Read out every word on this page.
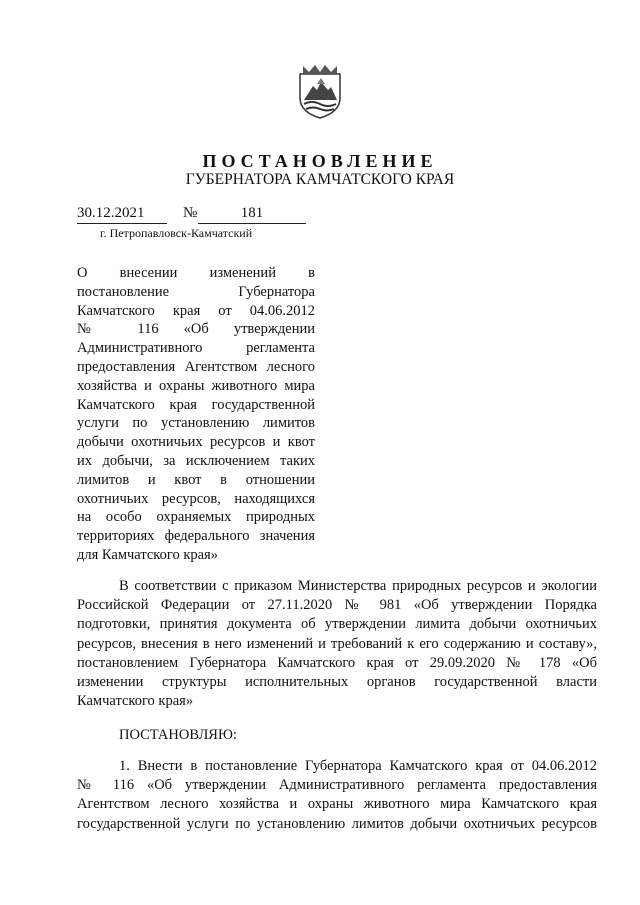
ПОСТАНОВЛЕНИЕ
ГУБЕРНАТОРА КАМЧАТСКОГО КРАЯ
30.12.2021	№	181
г. Петропавловск-Камчатский
О внесении изменений в
постановление Губернатора
Камчатского края от 04.06.2012
№ 116 «Об утверждении
Административного регламента
предоставления Агентством лесного
хозяйства и охраны животного мира
Камчатского края государственной
услуги по установлению лимитов
добычи охотничьих ресурсов и квот
их добычи, за исключением таких
лимитов и квот в отношении
охотничьих ресурсов, находящихся
на особо охраняемых природных
территориях федерального значения
для Камчатского края»
В соответствии с приказом Министерства природных ресурсов и экологии
Российской Федерации от 27.11.2020 № 981 «Об утверждении Порядка
подготовки, принятия документа об утверждении лимита добычи охотничьих
ресурсов, внесения в него изменений и требований к его содержанию и составу»,
постановлением Губернатора Камчатского края от 29.09.2020 № 178 «Об
изменении структуры исполнительных органов государственной власти
Камчатского края»
ПОСТАНОВЛЯЮ:
1. Внести в постановление Губернатора Камчатского края от 04.06.2012
№ 116 «Об утверждении Административного регламента предоставления
Агентством лесного хозяйства и охраны животного мира Камчатского края
государственной услуги по установлению лимитов добычи охотничьих ресурсов
